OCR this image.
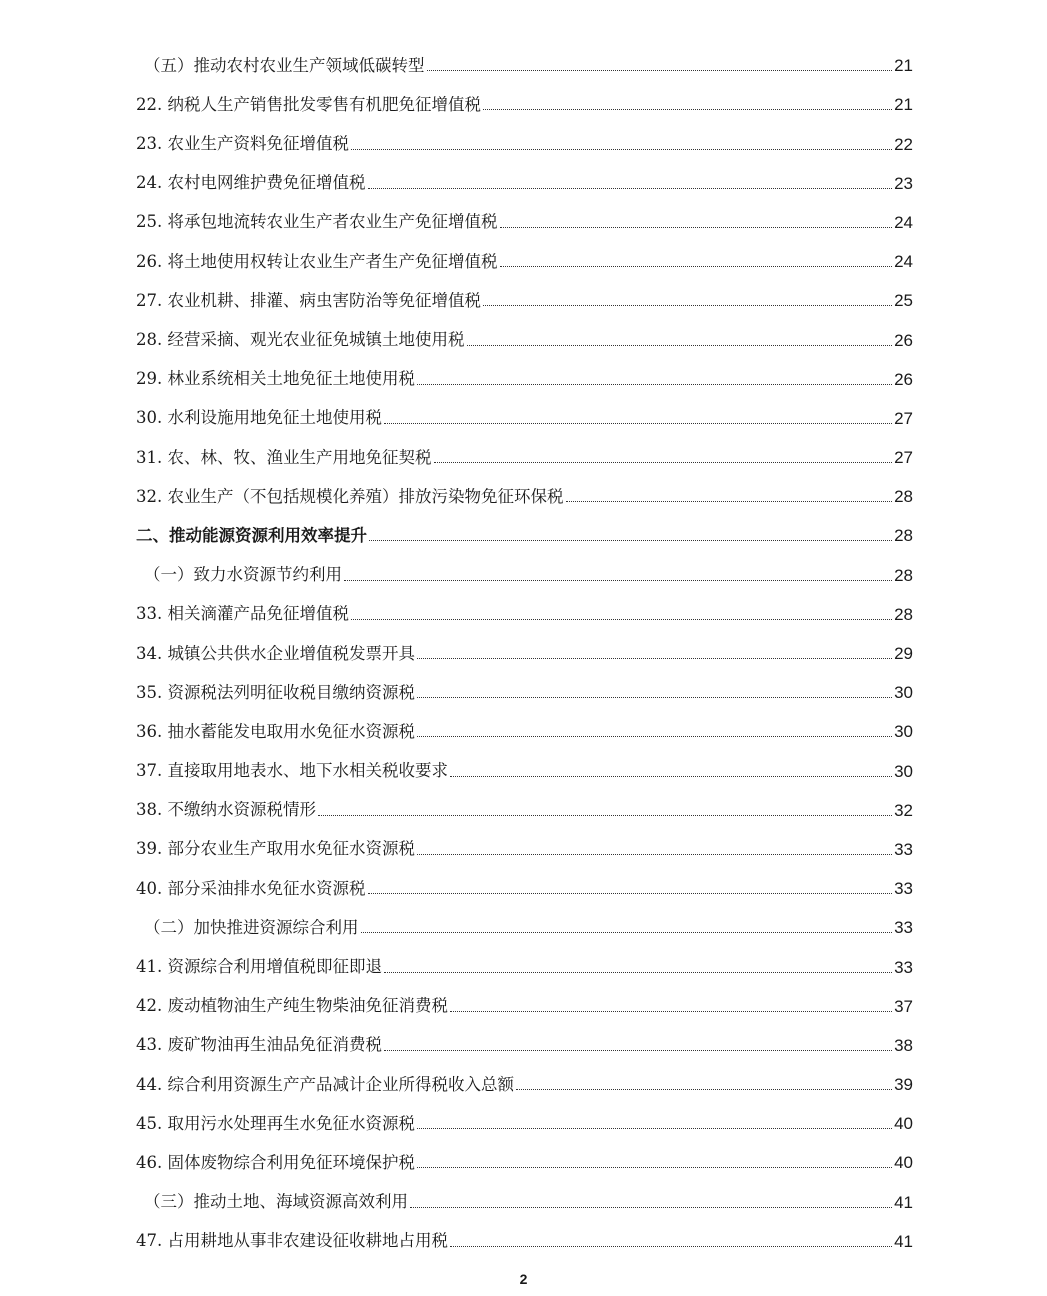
（五）推动农村农业生产领域低碳转型	21
22. 纳税人生产销售批发零售有机肥免征增值税	21
23. 农业生产资料免征增值税	22
24. 农村电网维护费免征增值税	23
25. 将承包地流转农业生产者农业生产免征增值税	24
26. 将土地使用权转让农业生产者生产免征增值税	24
27. 农业机耕、排灌、病虫害防治等免征增值税	25
28. 经营采摘、观光农业征免城镇土地使用税	26
29. 林业系统相关土地免征土地使用税	26
30. 水利设施用地免征土地使用税	27
31. 农、林、牧、渔业生产用地免征契税	27
32. 农业生产（不包括规模化养殖）排放污染物免征环保税	28
二、推动能源资源利用效率提升	28
（一）致力水资源节约利用	28
33. 相关滴灌产品免征增值税	28
34. 城镇公共供水企业增值税发票开具	29
35. 资源税法列明征收税目缴纳资源税	30
36. 抽水蓄能发电取用水免征水资源税	30
37. 直接取用地表水、地下水相关税收要求	30
38. 不缴纳水资源税情形	32
39. 部分农业生产取用水免征水资源税	33
40. 部分采油排水免征水资源税	33
（二）加快推进资源综合利用	33
41. 资源综合利用增值税即征即退	33
42. 废动植物油生产纯生物柴油免征消费税	37
43. 废矿物油再生油品免征消费税	38
44. 综合利用资源生产产品减计企业所得税收入总额	39
45. 取用污水处理再生水免征水资源税	40
46. 固体废物综合利用免征环境保护税	40
（三）推动土地、海域资源高效利用	41
47. 占用耕地从事非农建设征收耕地占用税	41
2
